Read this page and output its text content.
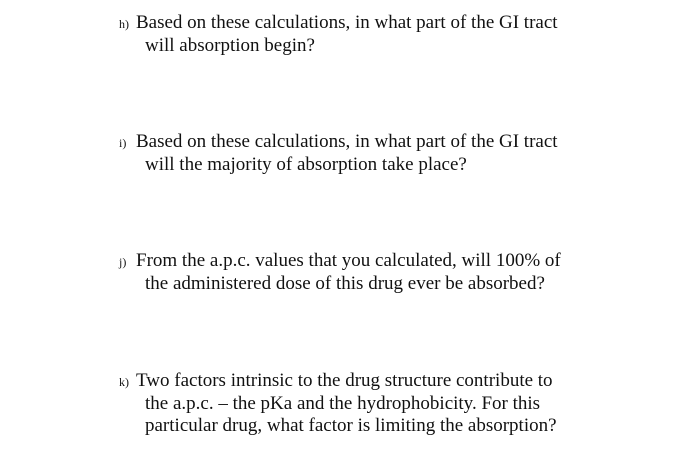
h) Based on these calculations, in what part of the GI tract
will absorption begin?
i) Based on these calculations, in what part of the GI tract
will the majority of absorption take place?
j) From the a.p.c. values that you calculated, will 100% of
the administered dose of this drug ever be absorbed?
k) Two factors intrinsic to the drug structure contribute to
the a.p.c. – the pKa and the hydrophobicity. For this
particular drug, what factor is limiting the absorption?
